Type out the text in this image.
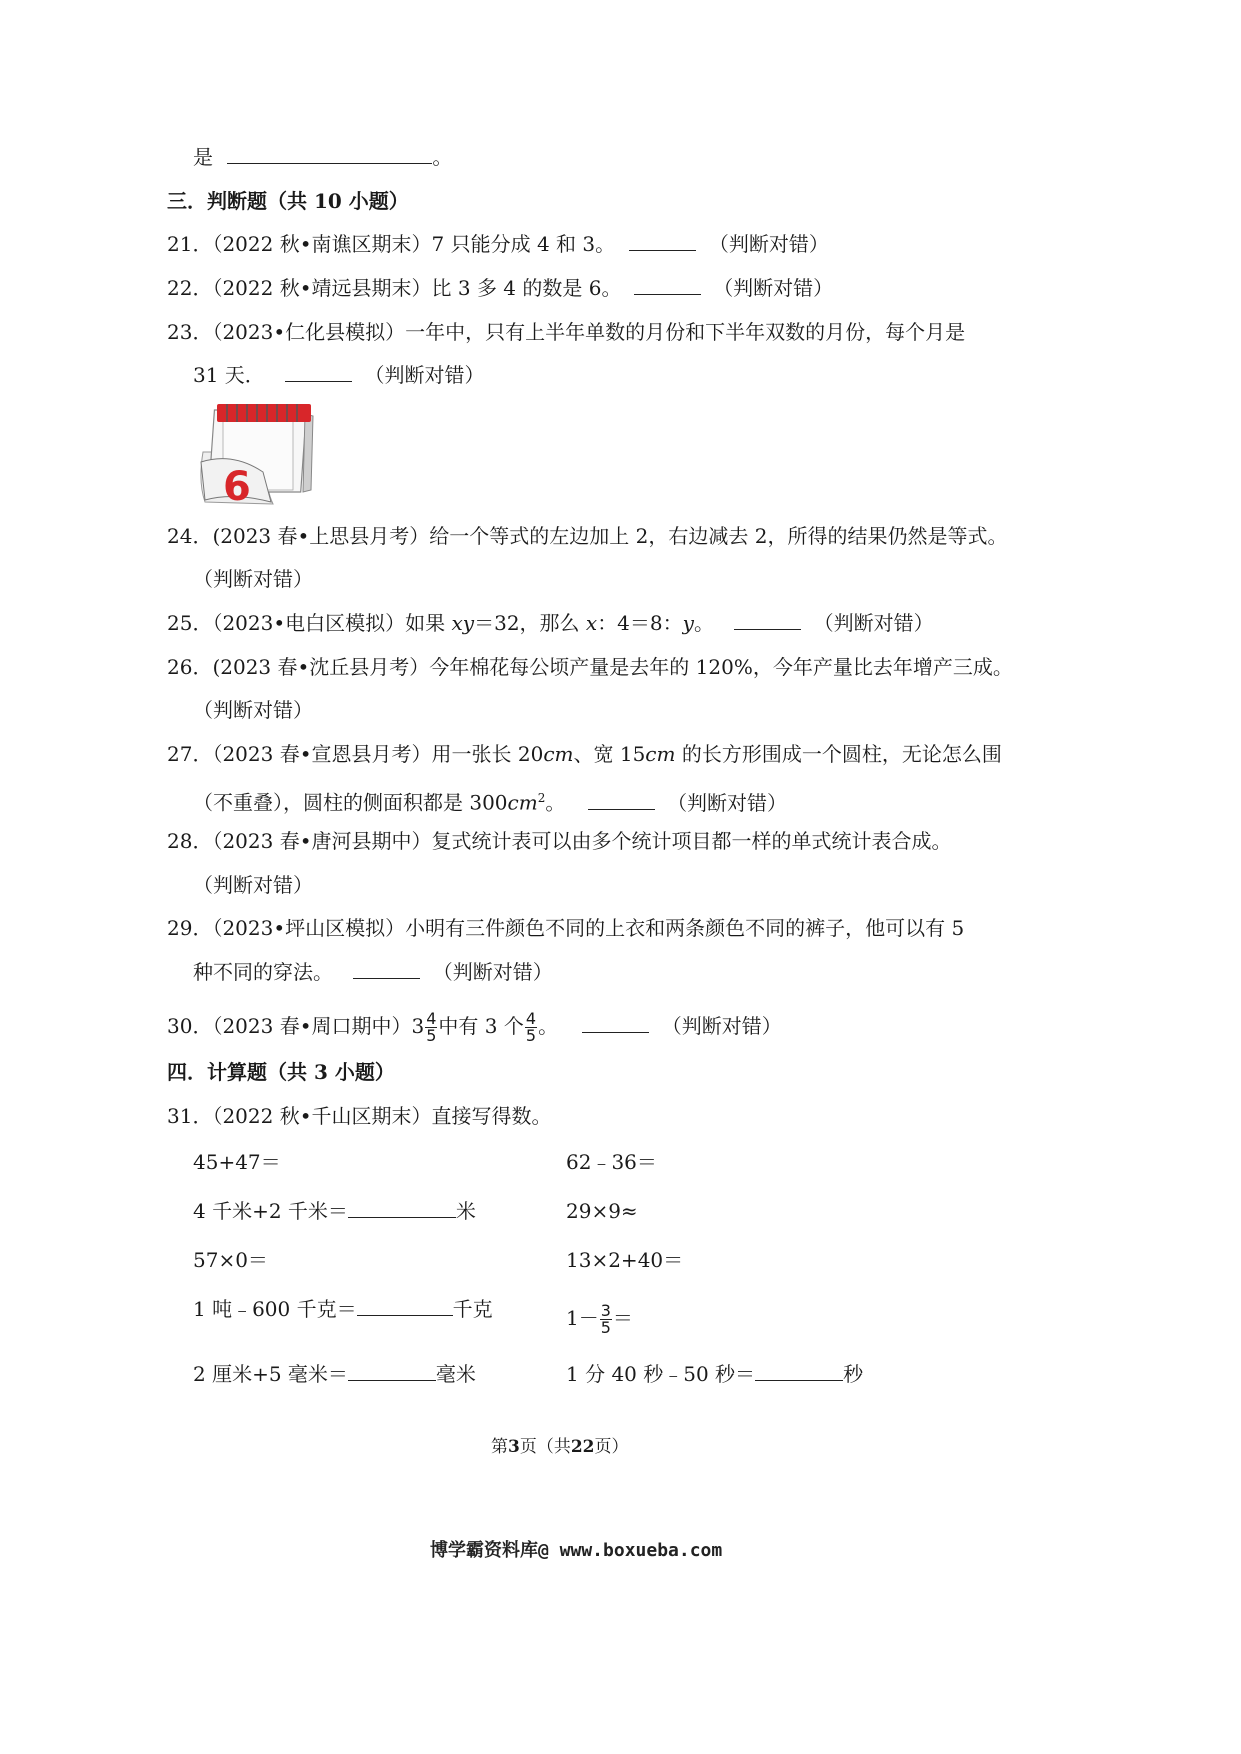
是	。
三．判断题（共 10 小题）
21．（2022 秋•南谯区期末）7 只能分成 4 和 3。	（判断对错）
22．（2022 秋•靖远县期末）比 3 多 4 的数是 6。	（判断对错）
23．（2023•仁化县模拟）一年中，只有上半年单数的月份和下半年双数的月份，每个月是
31 天．	（判断对错）
6
24．(2023 春•上思县月考）给一个等式的左边加上 2，右边减去 2，所得的结果仍然是等式。
（判断对错）
25．（2023•电白区模拟）如果 xy＝32，那么 x：4＝8：y。	（判断对错）
26．(2023 春•沈丘县月考）今年棉花每公顷产量是去年的 120%，今年产量比去年增产三成。
（判断对错）
27．（2023 春•宣恩县月考）用一张长 20cm、宽 15cm 的长方形围成一个圆柱，无论怎么围
（不重叠），圆柱的侧面积都是 $300cm^2$。	（判断对错）
28．（2023 春•唐河县期中）复式统计表可以由多个统计项目都一样的单式统计表合成。
（判断对错）
29．（2023•坪山区模拟）小明有三件颜色不同的上衣和两条颜色不同的裤子，他可以有 5
种不同的穿法。	（判断对错）
30．（2023 春•周口期中）$3 \frac{4}{5}$ 中有 3 个 $\frac{4}{5}$ 。	（判断对错）
四．计算题（共 3 小题）
31．（2022 秋•千山区期末）直接写得数。
45+47＝	62﹣36＝
4 千米+2 千米＝	米	29×9≈
57×0＝	13×2+40＝
1 吨﹣600 千克＝	千克	$1- \frac{3}{5}$ ＝
2 厘米+5 毫米＝	毫米	1 分 40 秒﹣50 秒＝	秒
第3页（共22页）
博学霸资料库@ www.boxueba.com
